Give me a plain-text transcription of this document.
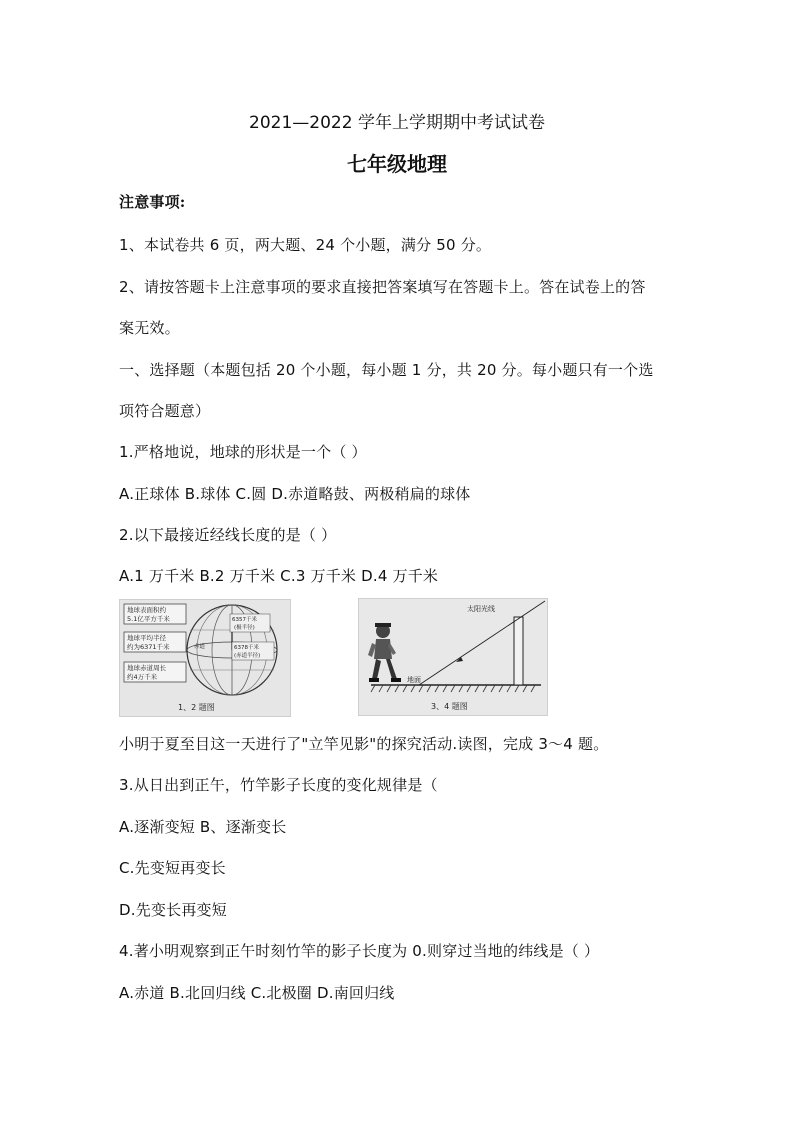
2021—2022 学年上学期期中考试试卷
七年级地理
注意事项:
1、本试卷共 6 页，两大题、24 个小题，满分 50 分。
2、请按答题卡上注意事项的要求直接把答案填写在答题卡上。答在试卷上的答
案无效。
一、选择题（本题包括 20 个小题，每小题 1 分，共 20 分。每小题只有一个选
项符合题意）
1.严格地说，地球的形状是一个（ ）
A.正球体 B.球体 C.圆 D.赤道略鼓、两极稍扁的球体
2.以下最接近经线长度的是（ ）
A.1 万千米 B.2 万千米 C.3 万千米 D.4 万千米
地球表面积约
5.1亿平方千米
地球平均半径
约为6371千米
地球赤道周长
约4万千米
6357千米
(极半径)
6378千米
(赤道半径)
赤道
1、2 题图
太阳光线
地面
3、4 题图
小明于夏至目这一天进行了"立竿见影"的探究活动.读图，完成 3～4 题。
3.从日出到正午，竹竿影子长度的变化规律是（
A.逐渐变短 B、逐渐变长
C.先变短再变长
D.先变长再变短
4.著小明观察到正午时刻竹竿的影子长度为 0.则穿过当地的纬线是（ ）
A.赤道 B.北回归线 C.北极圈 D.南回归线
